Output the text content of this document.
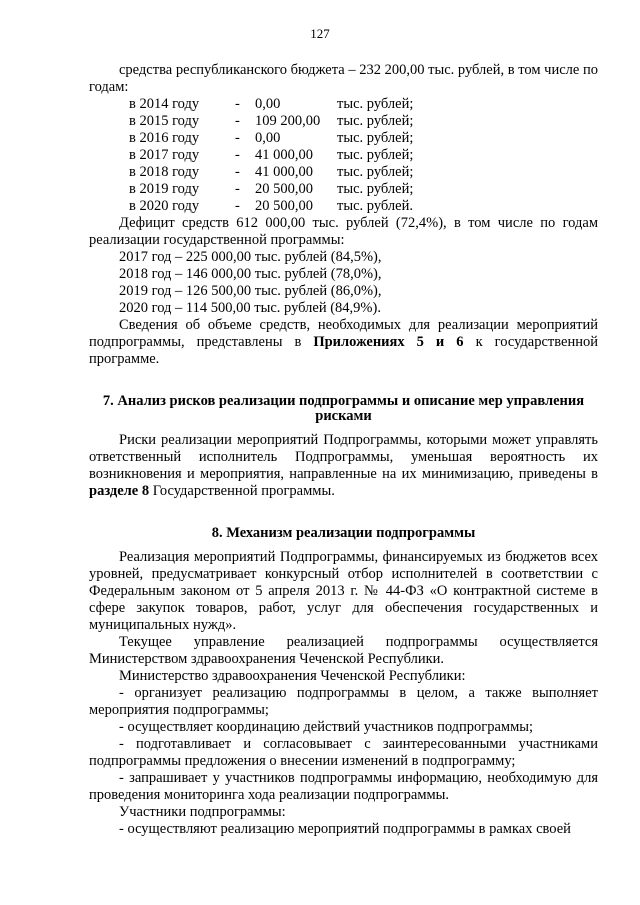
127

средства республиканского бюджета – 232 200,00 тыс. рублей, в том числе по годам:

в 2014 году	-	0,00	тыс. рублей;
в 2015 году	-	109 200,00	тыс. рублей;
в 2016 году	-	0,00	тыс. рублей;
в 2017 году	-	41 000,00	тыс. рублей;
в 2018 году	-	41 000,00	тыс. рублей;
в 2019 году	-	20 500,00	тыс. рублей;
в 2020 году	-	20 500,00	тыс. рублей.

Дефицит средств 612 000,00 тыс. рублей (72,4%), в том числе по годам реализации государственной программы:

2017 год – 225 000,00 тыс. рублей (84,5%),
2018 год – 146 000,00 тыс. рублей (78,0%),
2019 год – 126 500,00 тыс. рублей (86,0%),
2020 год – 114 500,00 тыс. рублей (84,9%).

Сведения об объеме средств, необходимых для реализации мероприятий подпрограммы, представлены в Приложениях 5 и 6 к государственной программе.

7. Анализ рисков реализации подпрограммы и описание мер управления рисками

Риски реализации мероприятий Подпрограммы, которыми может управлять ответственный исполнитель Подпрограммы, уменьшая вероятность их возникновения и мероприятия, направленные на их минимизацию, приведены в разделе 8 Государственной программы.

8. Механизм реализации подпрограммы

Реализация мероприятий Подпрограммы, финансируемых из бюджетов всех уровней, предусматривает конкурсный отбор исполнителей в соответствии с Федеральным законом от 5 апреля 2013 г. № 44-ФЗ «О контрактной системе в сфере закупок товаров, работ, услуг для обеспечения государственных и муниципальных нужд».

Текущее управление реализацией подпрограммы осуществляется Министерством здравоохранения Чеченской Республики.

Министерство здравоохранения Чеченской Республики:

- организует реализацию подпрограммы в целом, а также выполняет мероприятия подпрограммы;

- осуществляет координацию действий участников подпрограммы;

- подготавливает и согласовывает с заинтересованными участниками подпрограммы предложения о внесении изменений в подпрограмму;

- запрашивает у участников подпрограммы информацию, необходимую для проведения мониторинга хода реализации подпрограммы.

Участники подпрограммы:

- осуществляют реализацию мероприятий подпрограммы в рамках своей
